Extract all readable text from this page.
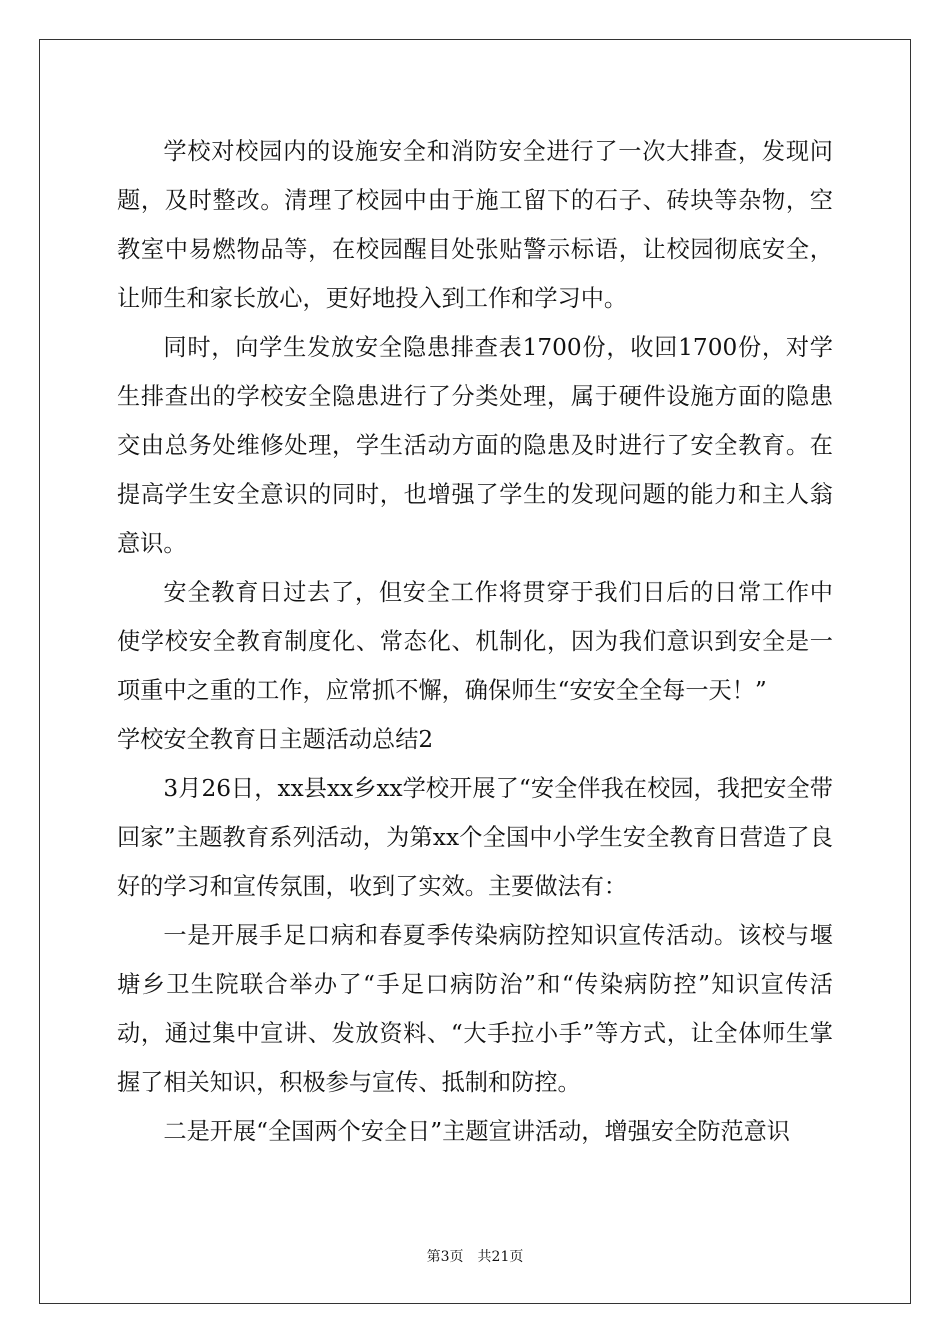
学校对校园内的设施安全和消防安全进行了一次大排查，发现问题，及时整改。清理了校园中由于施工留下的石子、砖块等杂物，空教室中易燃物品等，在校园醒目处张贴警示标语，让校园彻底安全，让师生和家长放心，更好地投入到工作和学习中。

同时，向学生发放安全隐患排查表1700份，收回1700份，对学生排查出的学校安全隐患进行了分类处理，属于硬件设施方面的隐患交由总务处维修处理，学生活动方面的隐患及时进行了安全教育。在提高学生安全意识的同时，也增强了学生的发现问题的能力和主人翁意识。

安全教育日过去了，但安全工作将贯穿于我们日后的日常工作中使学校安全教育制度化、常态化、机制化，因为我们意识到安全是一项重中之重的工作，应常抓不懈，确保师生“安安全全每一天！”

学校安全教育日主题活动总结2

3月26日，xx县xx乡xx学校开展了“安全伴我在校园，我把安全带回家”主题教育系列活动，为第xx个全国中小学生安全教育日营造了良好的学习和宣传氛围，收到了实效。主要做法有：

一是开展手足口病和春夏季传染病防控知识宣传活动。该校与堰塘乡卫生院联合举办了“手足口病防治”和“传染病防控”知识宣传活动，通过集中宣讲、发放资料、“大手拉小手”等方式，让全体师生掌握了相关知识，积极参与宣传、抵制和防控。

二是开展“全国两个安全日”主题宣讲活动，增强安全防范意识

第3页 共21页
